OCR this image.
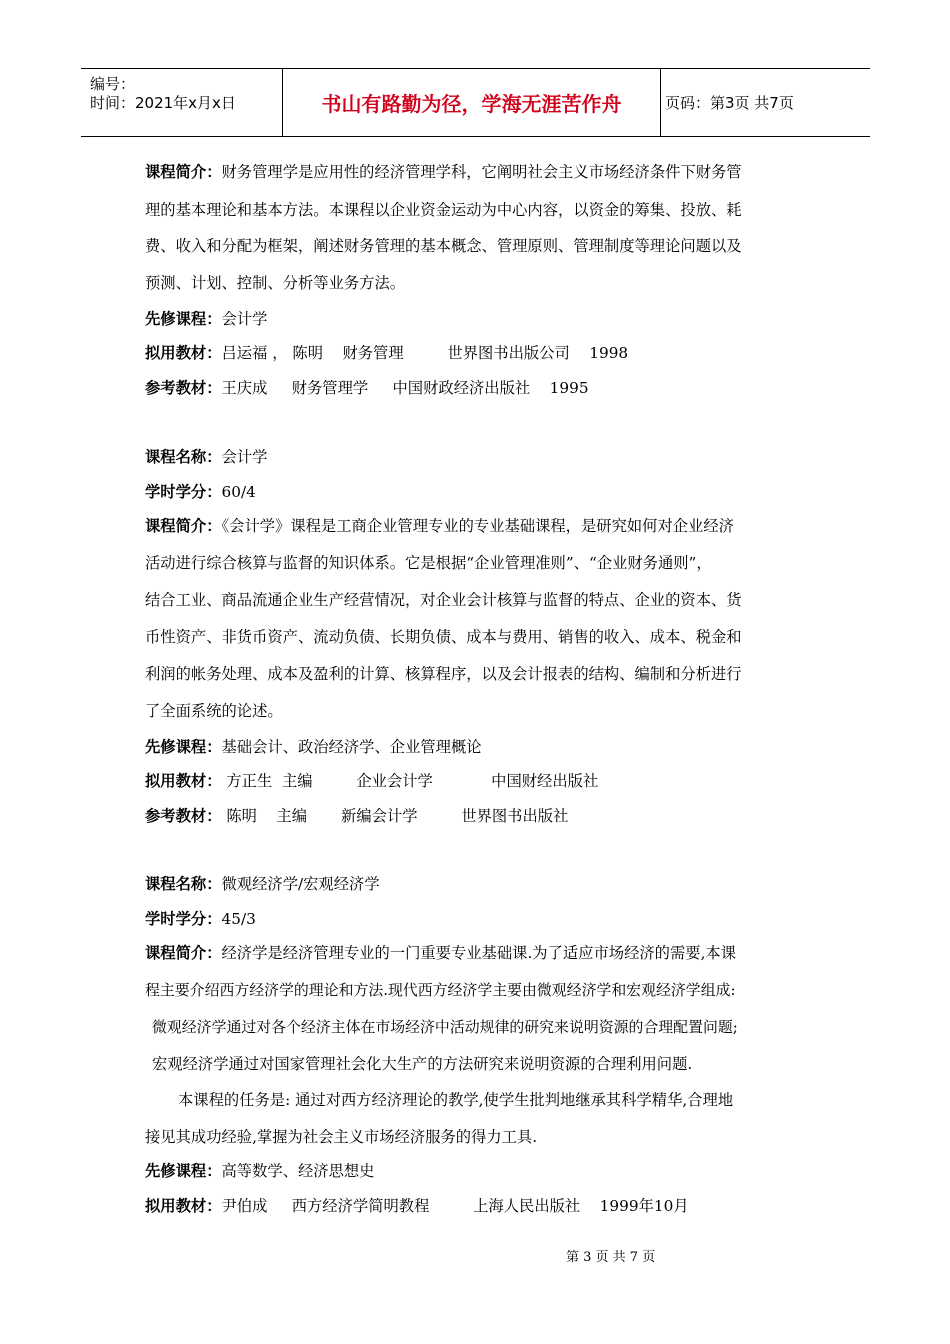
编号：
时间：2021年x月x日	书山有路勤为径，学海无涯苦作舟	页码：第3页 共7页
课程简介：财务管理学是应用性的经济管理学科，它阐明社会主义市场经济条件下财务管
理的基本理论和基本方法。本课程以企业资金运动为中心内容，以资金的筹集、投放、耗
费、收入和分配为框架，阐述财务管理的基本概念、管理原则、管理制度等理论问题以及
预测、计划、控制、分析等业务方法。
先修课程：会计学
拟用教材：吕运福 ， 陈明    财务管理         世界图书出版公司    1998
参考教材：王庆成     财务管理学     中国财政经济出版社    1995
课程名称：会计学
学时学分：60/4
课程简介：《会计学》课程是工商企业管理专业的专业基础课程，是研究如何对企业经济
活动进行综合核算与监督的知识体系。它是根据“企业管理准则”、“企业财务通则”，
结合工业、商品流通企业生产经营情况，对企业会计核算与监督的特点、企业的资本、货
币性资产、非货币资产、流动负债、长期负债、成本与费用、销售的收入、成本、税金和
利润的帐务处理、成本及盈利的计算、核算程序，以及会计报表的结构、编制和分析进行
了全面系统的论述。
先修课程：基础会计、政治经济学、企业管理概论
拟用教材： 方正生  主编         企业会计学            中国财经出版社
参考教材： 陈明    主编       新编会计学         世界图书出版社
课程名称：微观经济学/宏观经济学
学时学分：45/3
课程简介：经济学是经济管理专业的一门重要专业基础课.为了适应市场经济的需要,本课
程主要介绍西方经济学的理论和方法.现代西方经济学主要由微观经济学和宏观经济学组成:
微观经济学通过对各个经济主体在市场经济中活动规律的研究来说明资源的合理配置问题;
宏观经济学通过对国家管理社会化大生产的方法研究来说明资源的合理利用问题.
本课程的任务是: 通过对西方经济理论的教学,使学生批判地继承其科学精华,合理地
接见其成功经验,掌握为社会主义市场经济服务的得力工具.
先修课程：高等数学、经济思想史
拟用教材：尹伯成     西方经济学简明教程         上海人民出版社    1999年10月
第 3 页 共 7 页
